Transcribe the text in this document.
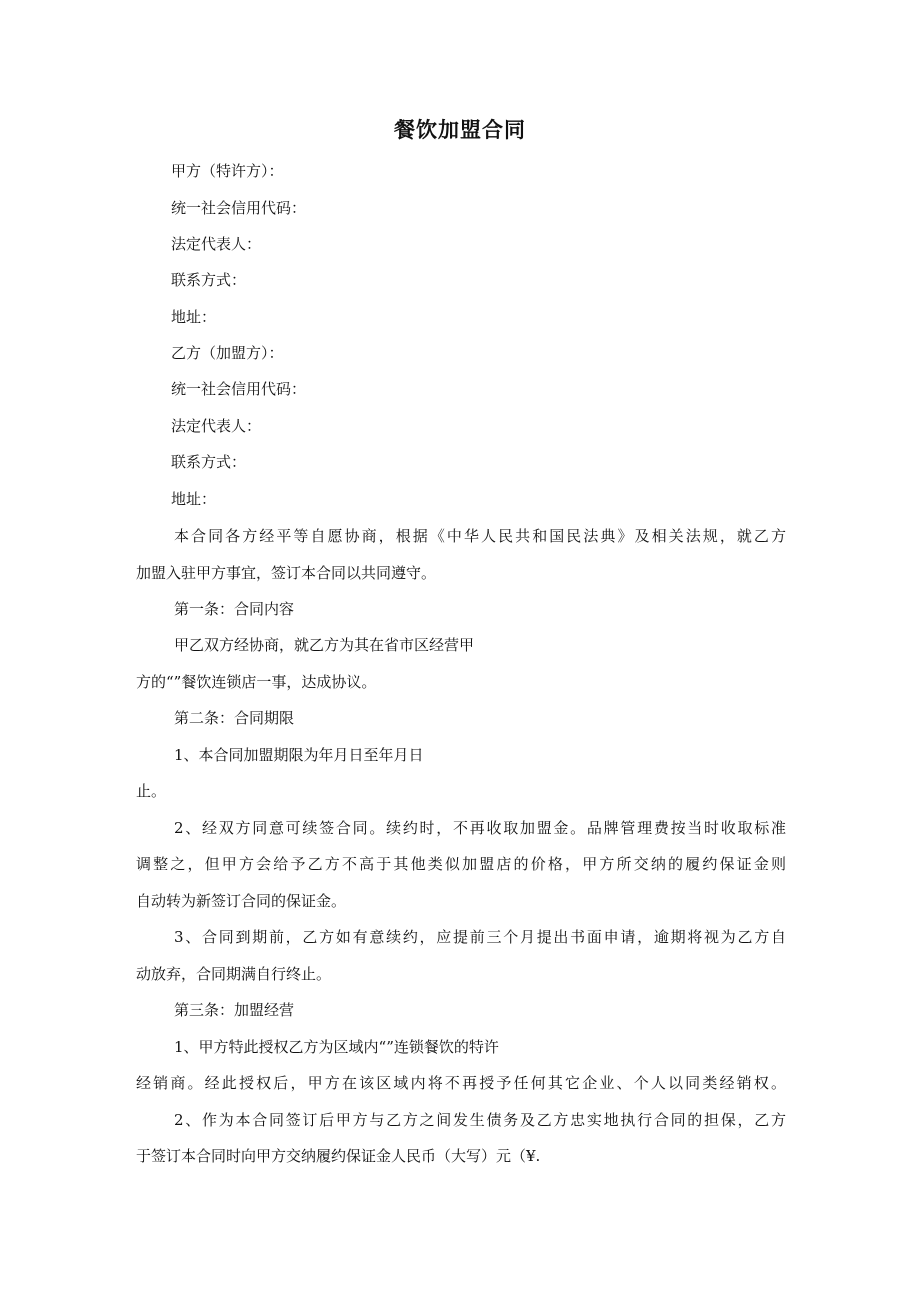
餐饮加盟合同
甲方（特许方）：
统一社会信用代码：
法定代表人：
联系方式：
地址：
乙方（加盟方）：
统一社会信用代码：
法定代表人：
联系方式：
地址：
本合同各方经平等自愿协商，根据《中华人民共和国民法典》及相关法规，就乙方
加盟入驻甲方事宜，签订本合同以共同遵守。
第一条：合同内容
甲乙双方经协商，就乙方为其在省市区经营甲
方的“”餐饮连锁店一事，达成协议。
第二条：合同期限
1、本合同加盟期限为年月日至年月日
止。
2、经双方同意可续签合同。续约时，不再收取加盟金。品牌管理费按当时收取标准
调整之，但甲方会给予乙方不高于其他类似加盟店的价格，甲方所交纳的履约保证金则
自动转为新签订合同的保证金。
3、合同到期前，乙方如有意续约，应提前三个月提出书面申请，逾期将视为乙方自
动放弃，合同期满自行终止。
第三条：加盟经营
1、甲方特此授权乙方为区域内“”连锁餐饮的特许
经销商。经此授权后，甲方在该区域内将不再授予任何其它企业、个人以同类经销权。
2、作为本合同签订后甲方与乙方之间发生债务及乙方忠实地执行合同的担保，乙方
于签订本合同时向甲方交纳履约保证金人民币（大写）元（¥.
